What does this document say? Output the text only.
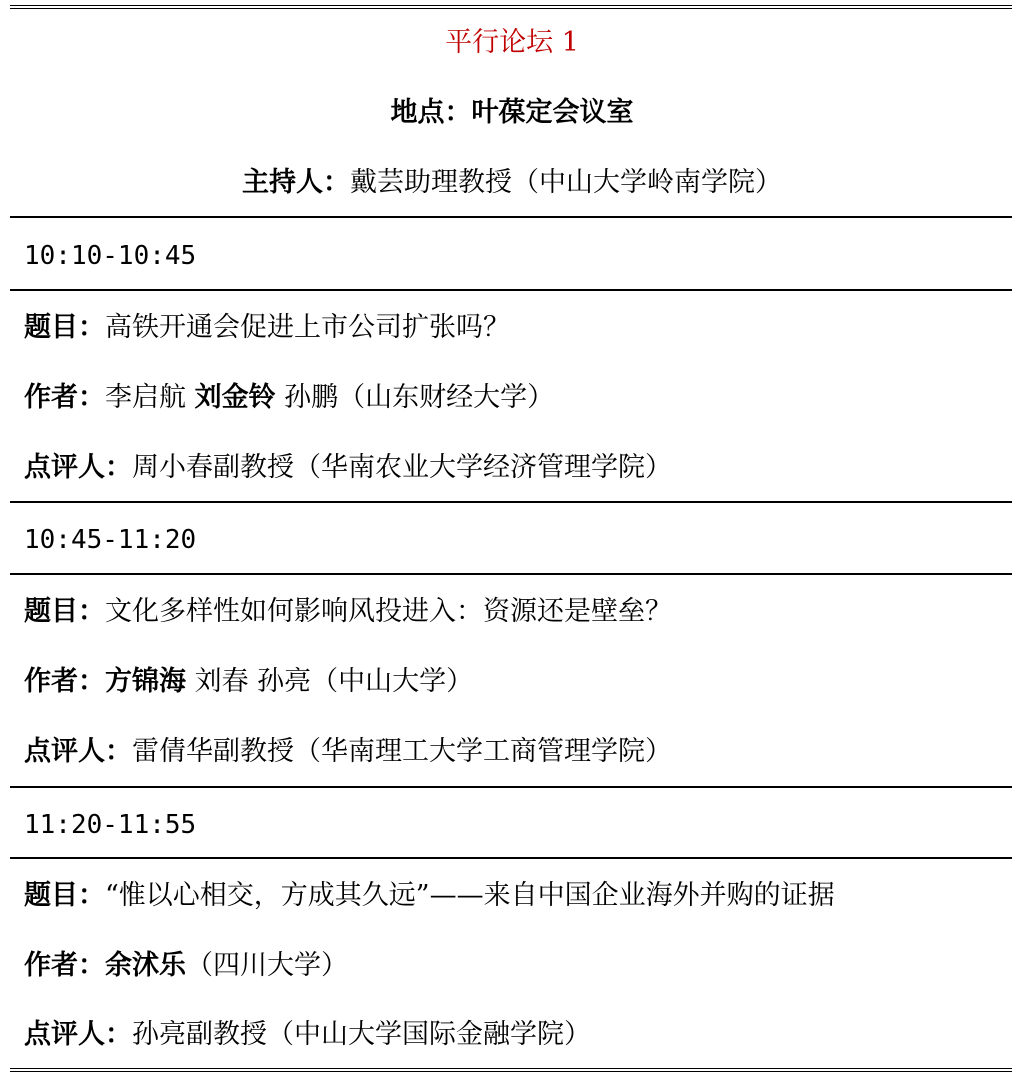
平行论坛 1
地点：叶葆定会议室
主持人：戴芸助理教授（中山大学岭南学院）
10:10-10:45
题目：高铁开通会促进上市公司扩张吗？
作者：李启航 刘金铃 孙鹏（山东财经大学）
点评人：周小春副教授（华南农业大学经济管理学院）
10:45-11:20
题目：文化多样性如何影响风投进入：资源还是壁垒？
作者：方锦海 刘春 孙亮（中山大学）
点评人：雷倩华副教授（华南理工大学工商管理学院）
11:20-11:55
题目：“惟以心相交，方成其久远”——来自中国企业海外并购的证据
作者：余沭乐（四川大学）
点评人：孙亮副教授（中山大学国际金融学院）
